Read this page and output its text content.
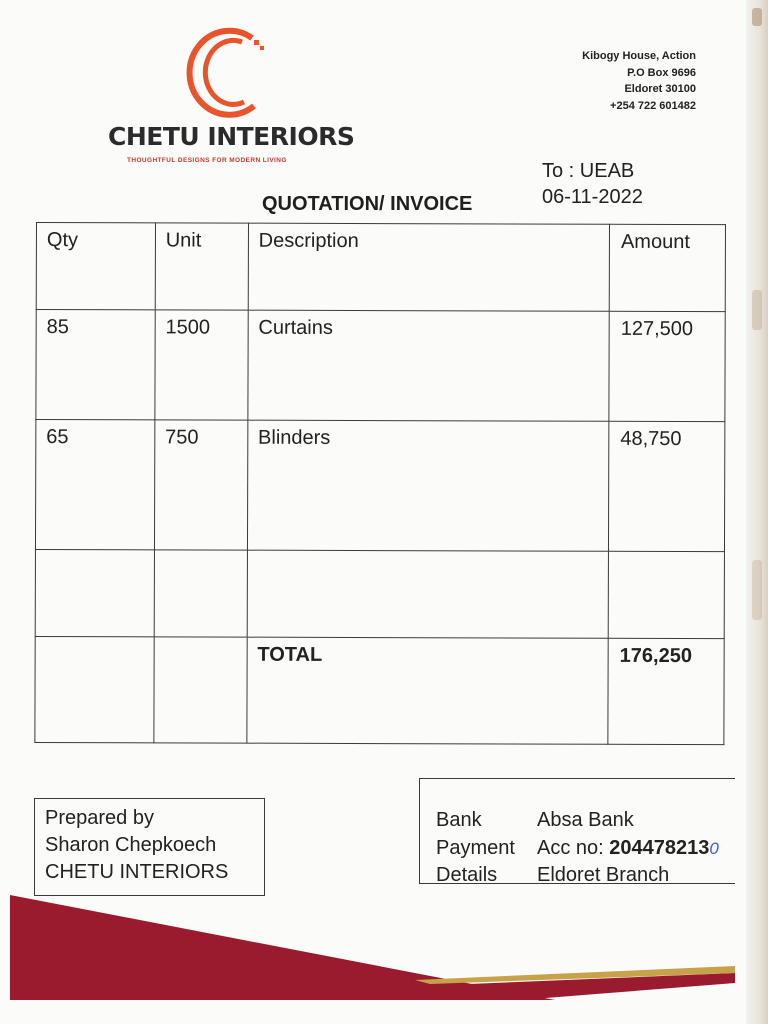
CHETU INTERIORS
THOUGHTFUL DESIGNS FOR MODERN LIVING
Kibogy House, Action
P.O Box 9696
Eldoret 30100
+254 722 601482
To : UEAB
06-11-2022
QUOTATION/ INVOICE
Qty	Unit	Description	Amount
85	1500	Curtains	127,500
65	750	Blinders	48,750

		TOTAL	176,250
Prepared by
Sharon Chepkoech
CHETU INTERIORS
Bank	Absa Bank
Payment	Acc no: 2044782130
Details	Eldoret Branch
